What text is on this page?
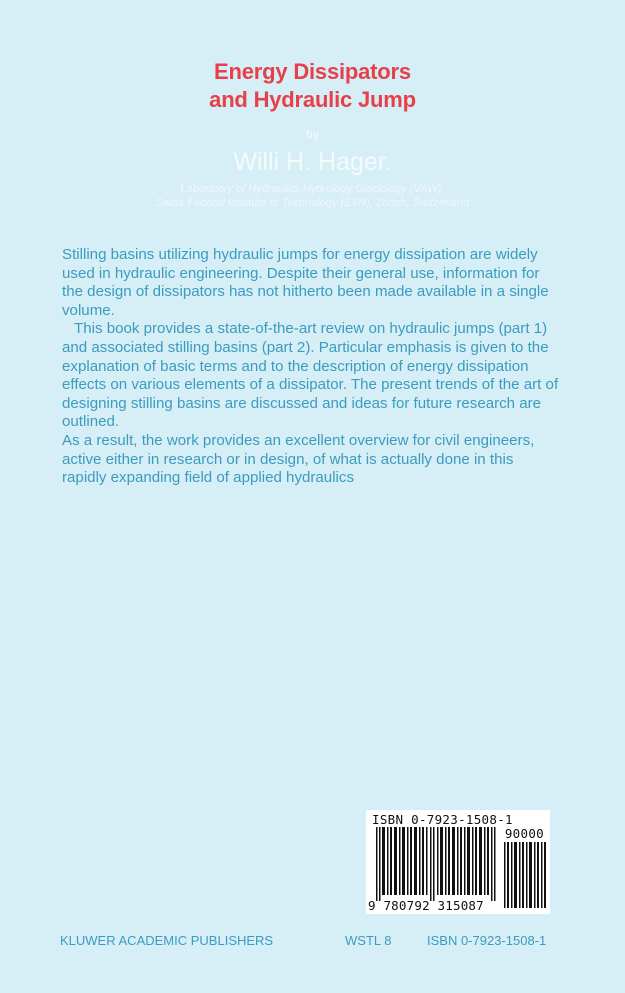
Energy Dissipators
and Hydraulic Jump
by
Willi H. Hager.
Laboratory of Hydraulics Hydrology Glaciology (VAW),
Swiss Federal Institute of Technology (ETH), Zurich, Switzerland

Stilling basins utilizing hydraulic jumps for energy dissipation are widely used in hydraulic engineering. Despite their general use, information for the design of dissipators has not hitherto been made available in a single volume.

This book provides a state-of-the-art review on hydraulic jumps (part 1) and associated stilling basins (part 2). Particular emphasis is given to the explanation of basic terms and to the description of energy dissipation effects on various elements of a dissipator. The present trends of the art of designing stilling basins are discussed and ideas for future research are outlined.

As a result, the work provides an excellent overview for civil engineers, active either in research or in design, of what is actually done in this rapidly expanding field of applied hydraulics

ISBN 0-7923-1508-1
90000
9 780792 315087
KLUWER ACADEMIC PUBLISHERS	WSTL 8	ISBN 0-7923-1508-1
